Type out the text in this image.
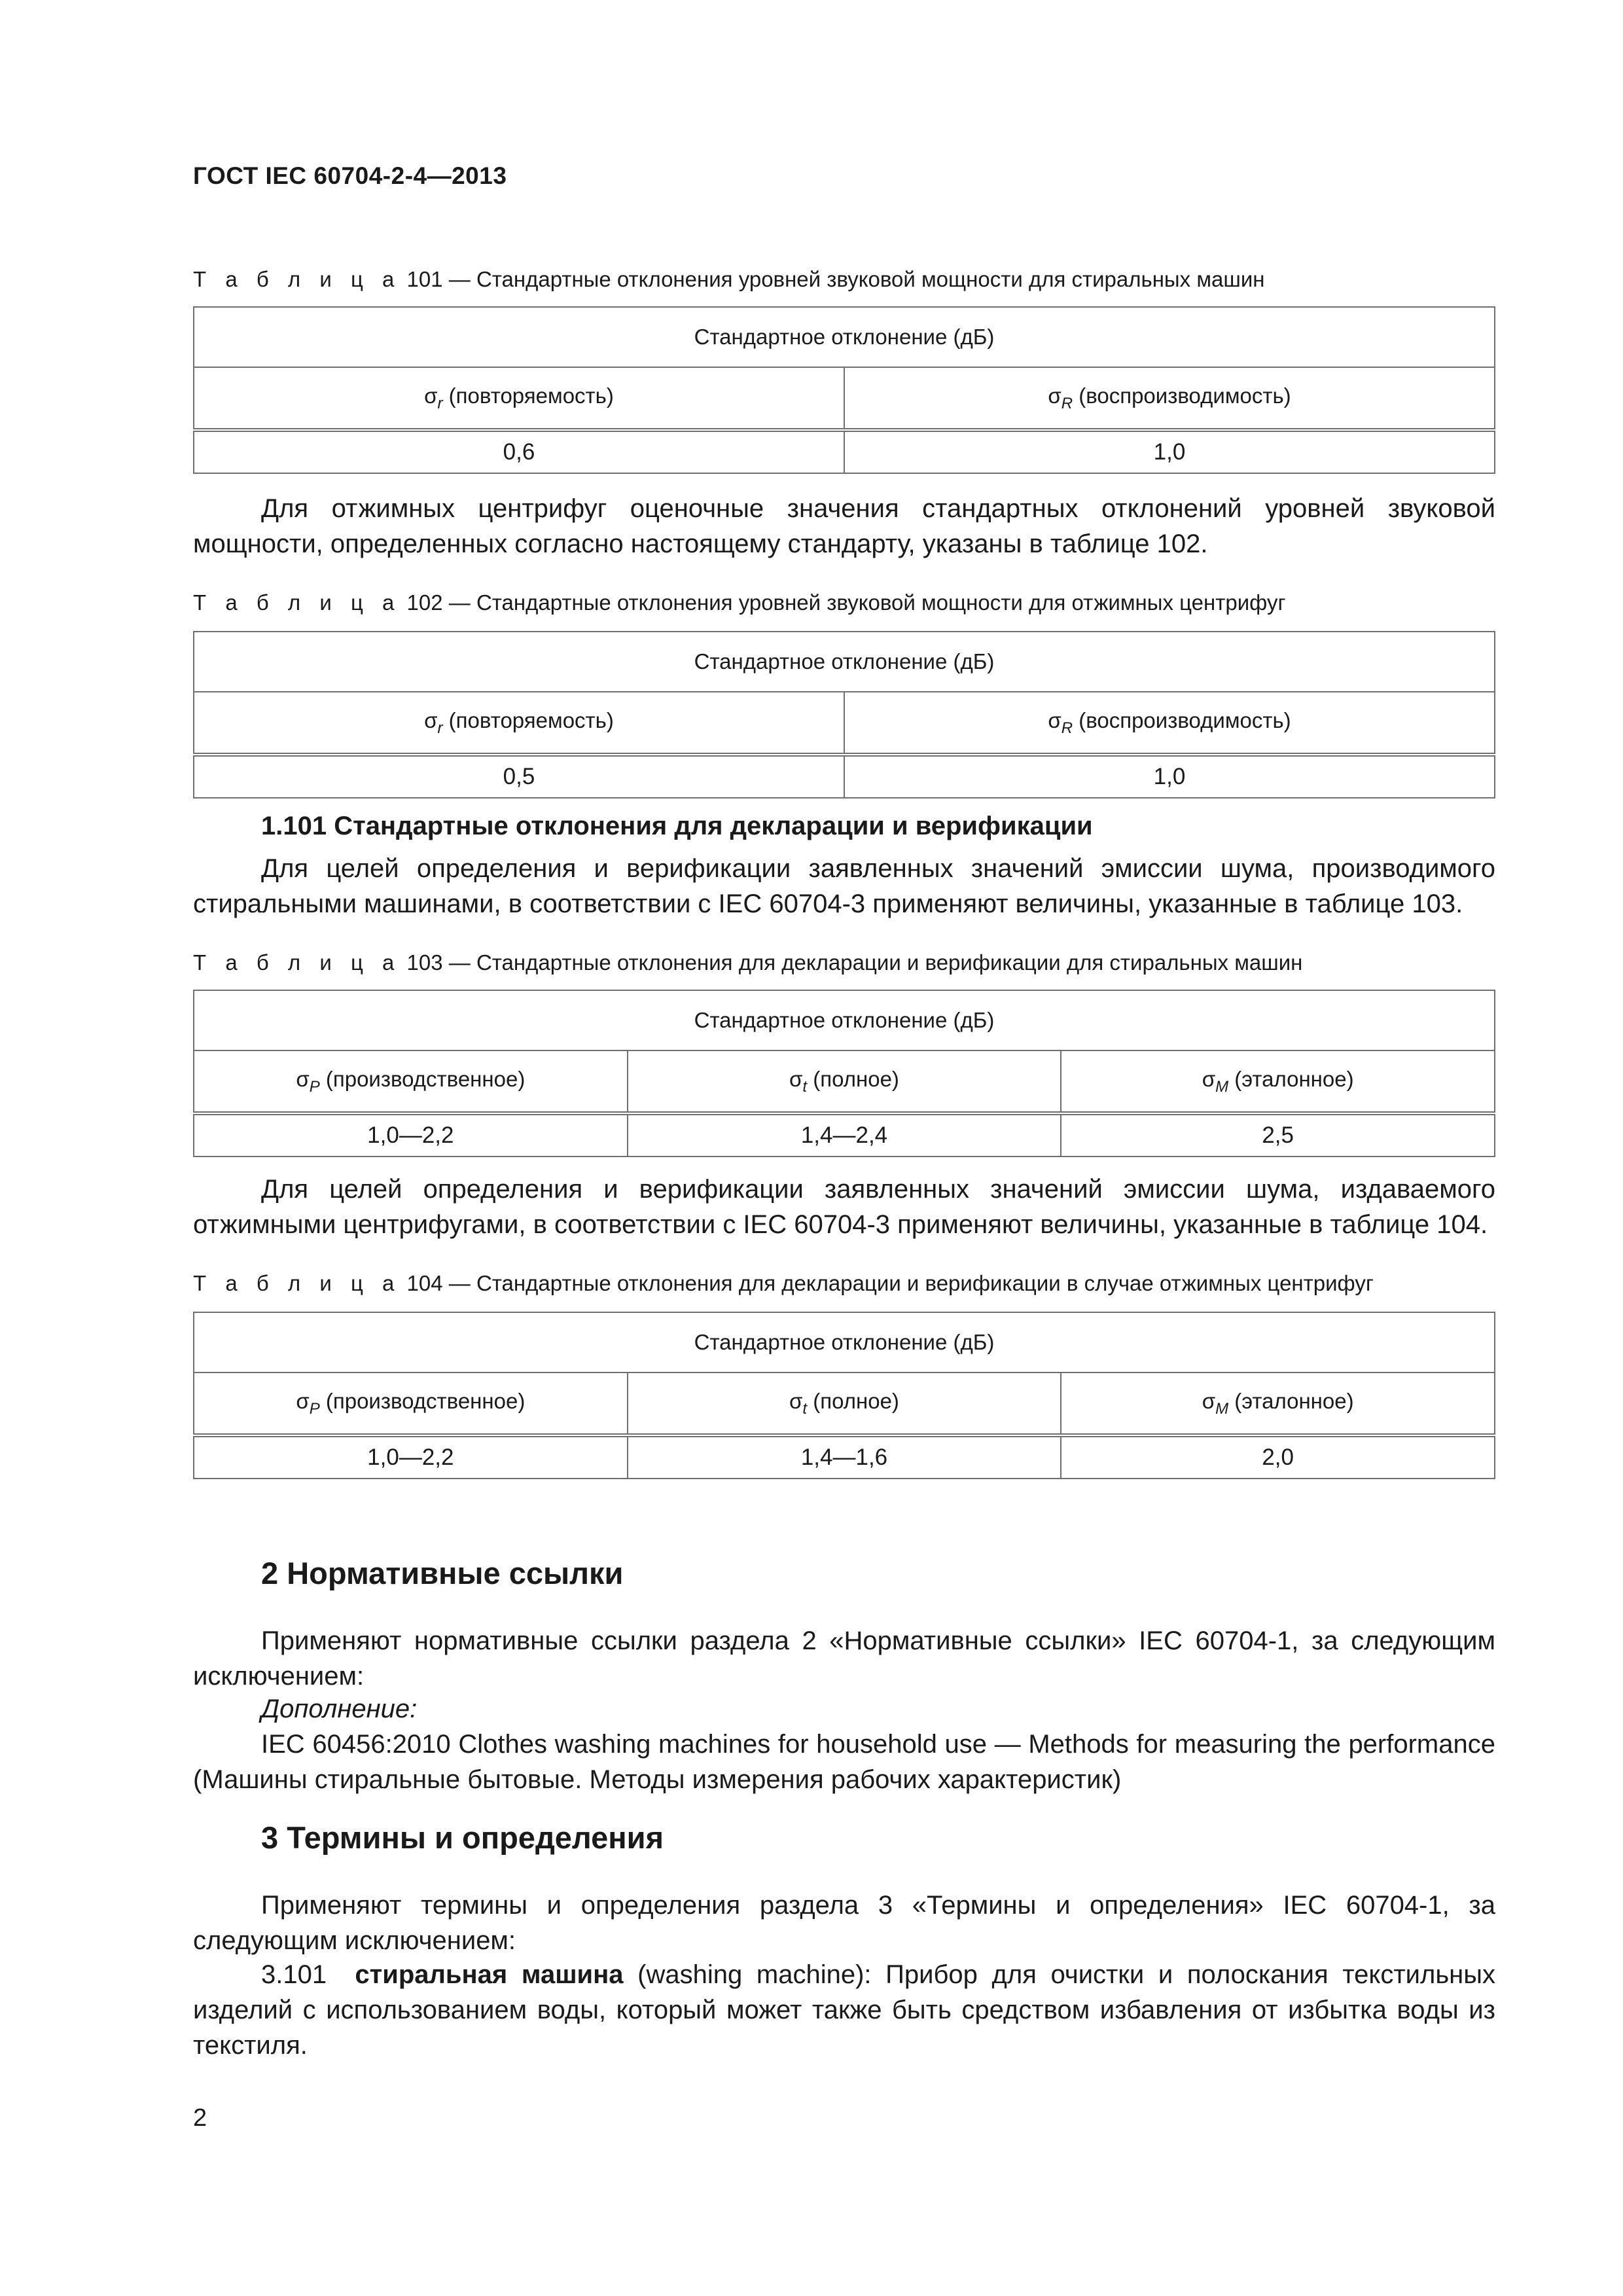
ГОСТ IEC 60704-2-4—2013
Т а б л и ц а 101 — Стандартные отклонения уровней звуковой мощности для стиральных машин
Стандартное отклонение (дБ)	
$\sigma_r$ (повторяемость)	$\sigma_R$ (воспроизводимость)
0,6	1,0
Для отжимных центрифуг оценочные значения стандартных отклонений уровней звуковой мощности, определенных согласно настоящему стандарту, указаны в таблице 102.
Т а б л и ц а 102 — Стандартные отклонения уровней звуковой мощности для отжимных центрифуг
Стандартное отклонение (дБ)	
$\sigma_r$ (повторяемость)	$\sigma_R$ (воспроизводимость)
0,5	1,0
1.101 Стандартные отклонения для декларации и верификации
Для целей определения и верификации заявленных значений эмиссии шума, производимого стиральными машинами, в соответствии с IEC 60704-3 применяют величины, указанные в таблице 103.
Т а б л и ц а 103 — Стандартные отклонения для декларации и верификации для стиральных машин
Стандартное отклонение (дБ)		
$\sigma_P$ (производственное)	$\sigma_t$ (полное)	$\sigma_M$ (эталонное)
1,0—2,2	1,4—2,4	2,5
Для целей определения и верификации заявленных значений эмиссии шума, издаваемого отжимными центрифугами, в соответствии с IEC 60704-3 применяют величины, указанные в таблице 104.
Т а б л и ц а 104 — Стандартные отклонения для декларации и верификации в случае отжимных центрифуг
Стандартное отклонение (дБ)		
$\sigma_P$ (производственное)	$\sigma_t$ (полное)	$\sigma_M$ (эталонное)
1,0—2,2	1,4—1,6	2,0
2 Нормативные ссылки
Применяют нормативные ссылки раздела 2 «Нормативные ссылки» IEC 60704-1, за следующим исключением:
Дополнение:
IEC 60456:2010 Clothes washing machines for household use — Methods for measuring the performance (Машины стиральные бытовые. Методы измерения рабочих характеристик)
3 Термины и определения
Применяют термины и определения раздела 3 «Термины и определения» IEC 60704-1, за следующим исключением:
3.101 стиральная машина (washing machine): Прибор для очистки и полоскания текстильных изделий с использованием воды, который может также быть средством избавления от избытка воды из текстиля.
2
